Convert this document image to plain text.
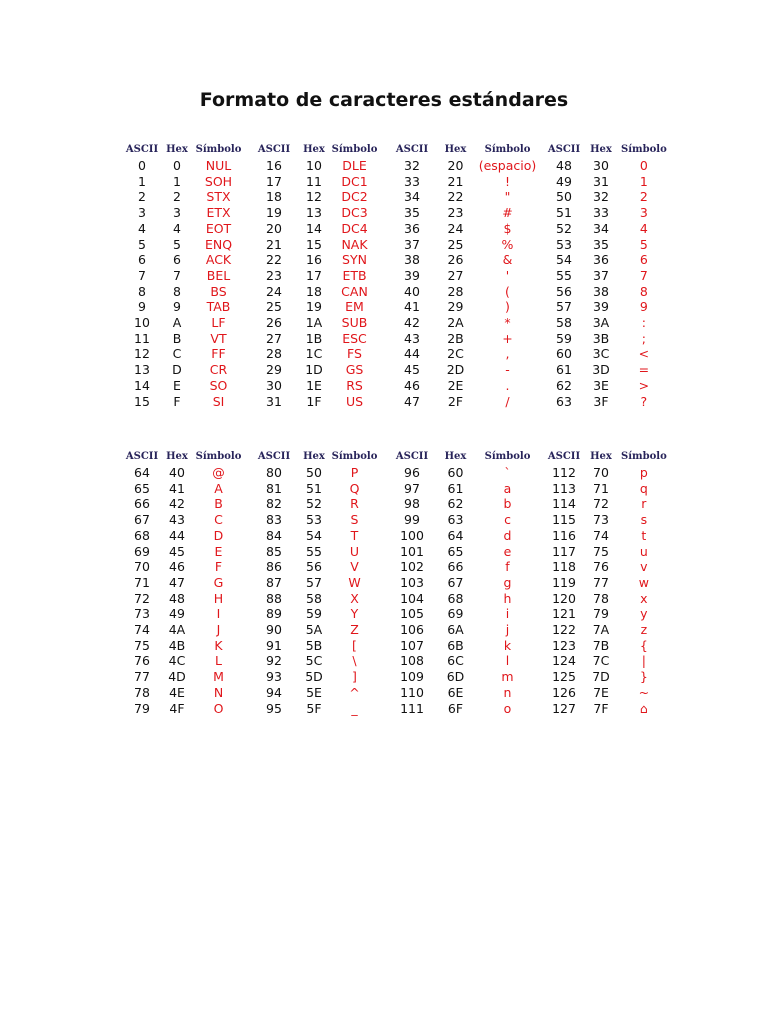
Formato de caracteres estándares
ASCII	Hex	Símbolo	ASCII	Hex	Símbolo	ASCII	Hex	Símbolo	ASCII	Hex	Símbolo
0	0	NUL	16	10	DLE	32	20	(espacio)	48	30	0
1	1	SOH	17	11	DC1	33	21	!	49	31	1
2	2	STX	18	12	DC2	34	22	"	50	32	2
3	3	ETX	19	13	DC3	35	23	#	51	33	3
4	4	EOT	20	14	DC4	36	24	$	52	34	4
5	5	ENQ	21	15	NAK	37	25	%	53	35	5
6	6	ACK	22	16	SYN	38	26	&	54	36	6
7	7	BEL	23	17	ETB	39	27	'	55	37	7
8	8	BS	24	18	CAN	40	28	(	56	38	8
9	9	TAB	25	19	EM	41	29	)	57	39	9
10	A	LF	26	1A	SUB	42	2A	*	58	3A	:
11	B	VT	27	1B	ESC	43	2B	+	59	3B	;
12	C	FF	28	1C	FS	44	2C	,	60	3C	<
13	D	CR	29	1D	GS	45	2D	-	61	3D	=
14	E	SO	30	1E	RS	46	2E	.	62	3E	>
15	F	SI	31	1F	US	47	2F	/	63	3F	?
ASCII	Hex	Símbolo	ASCII	Hex	Símbolo	ASCII	Hex	Símbolo	ASCII	Hex	Símbolo
64	40	@	80	50	P	96	60	`	112	70	p
65	41	A	81	51	Q	97	61	a	113	71	q
66	42	B	82	52	R	98	62	b	114	72	r
67	43	C	83	53	S	99	63	c	115	73	s
68	44	D	84	54	T	100	64	d	116	74	t
69	45	E	85	55	U	101	65	e	117	75	u
70	46	F	86	56	V	102	66	f	118	76	v
71	47	G	87	57	W	103	67	g	119	77	w
72	48	H	88	58	X	104	68	h	120	78	x
73	49	I	89	59	Y	105	69	i	121	79	y
74	4A	J	90	5A	Z	106	6A	j	122	7A	z
75	4B	K	91	5B	[	107	6B	k	123	7B	{
76	4C	L	92	5C	\	108	6C	l	124	7C	|
77	4D	M	93	5D	]	109	6D	m	125	7D	}
78	4E	N	94	5E	^	110	6E	n	126	7E	~
79	4F	O	95	5F	_	111	6F	o	127	7F	⌂
